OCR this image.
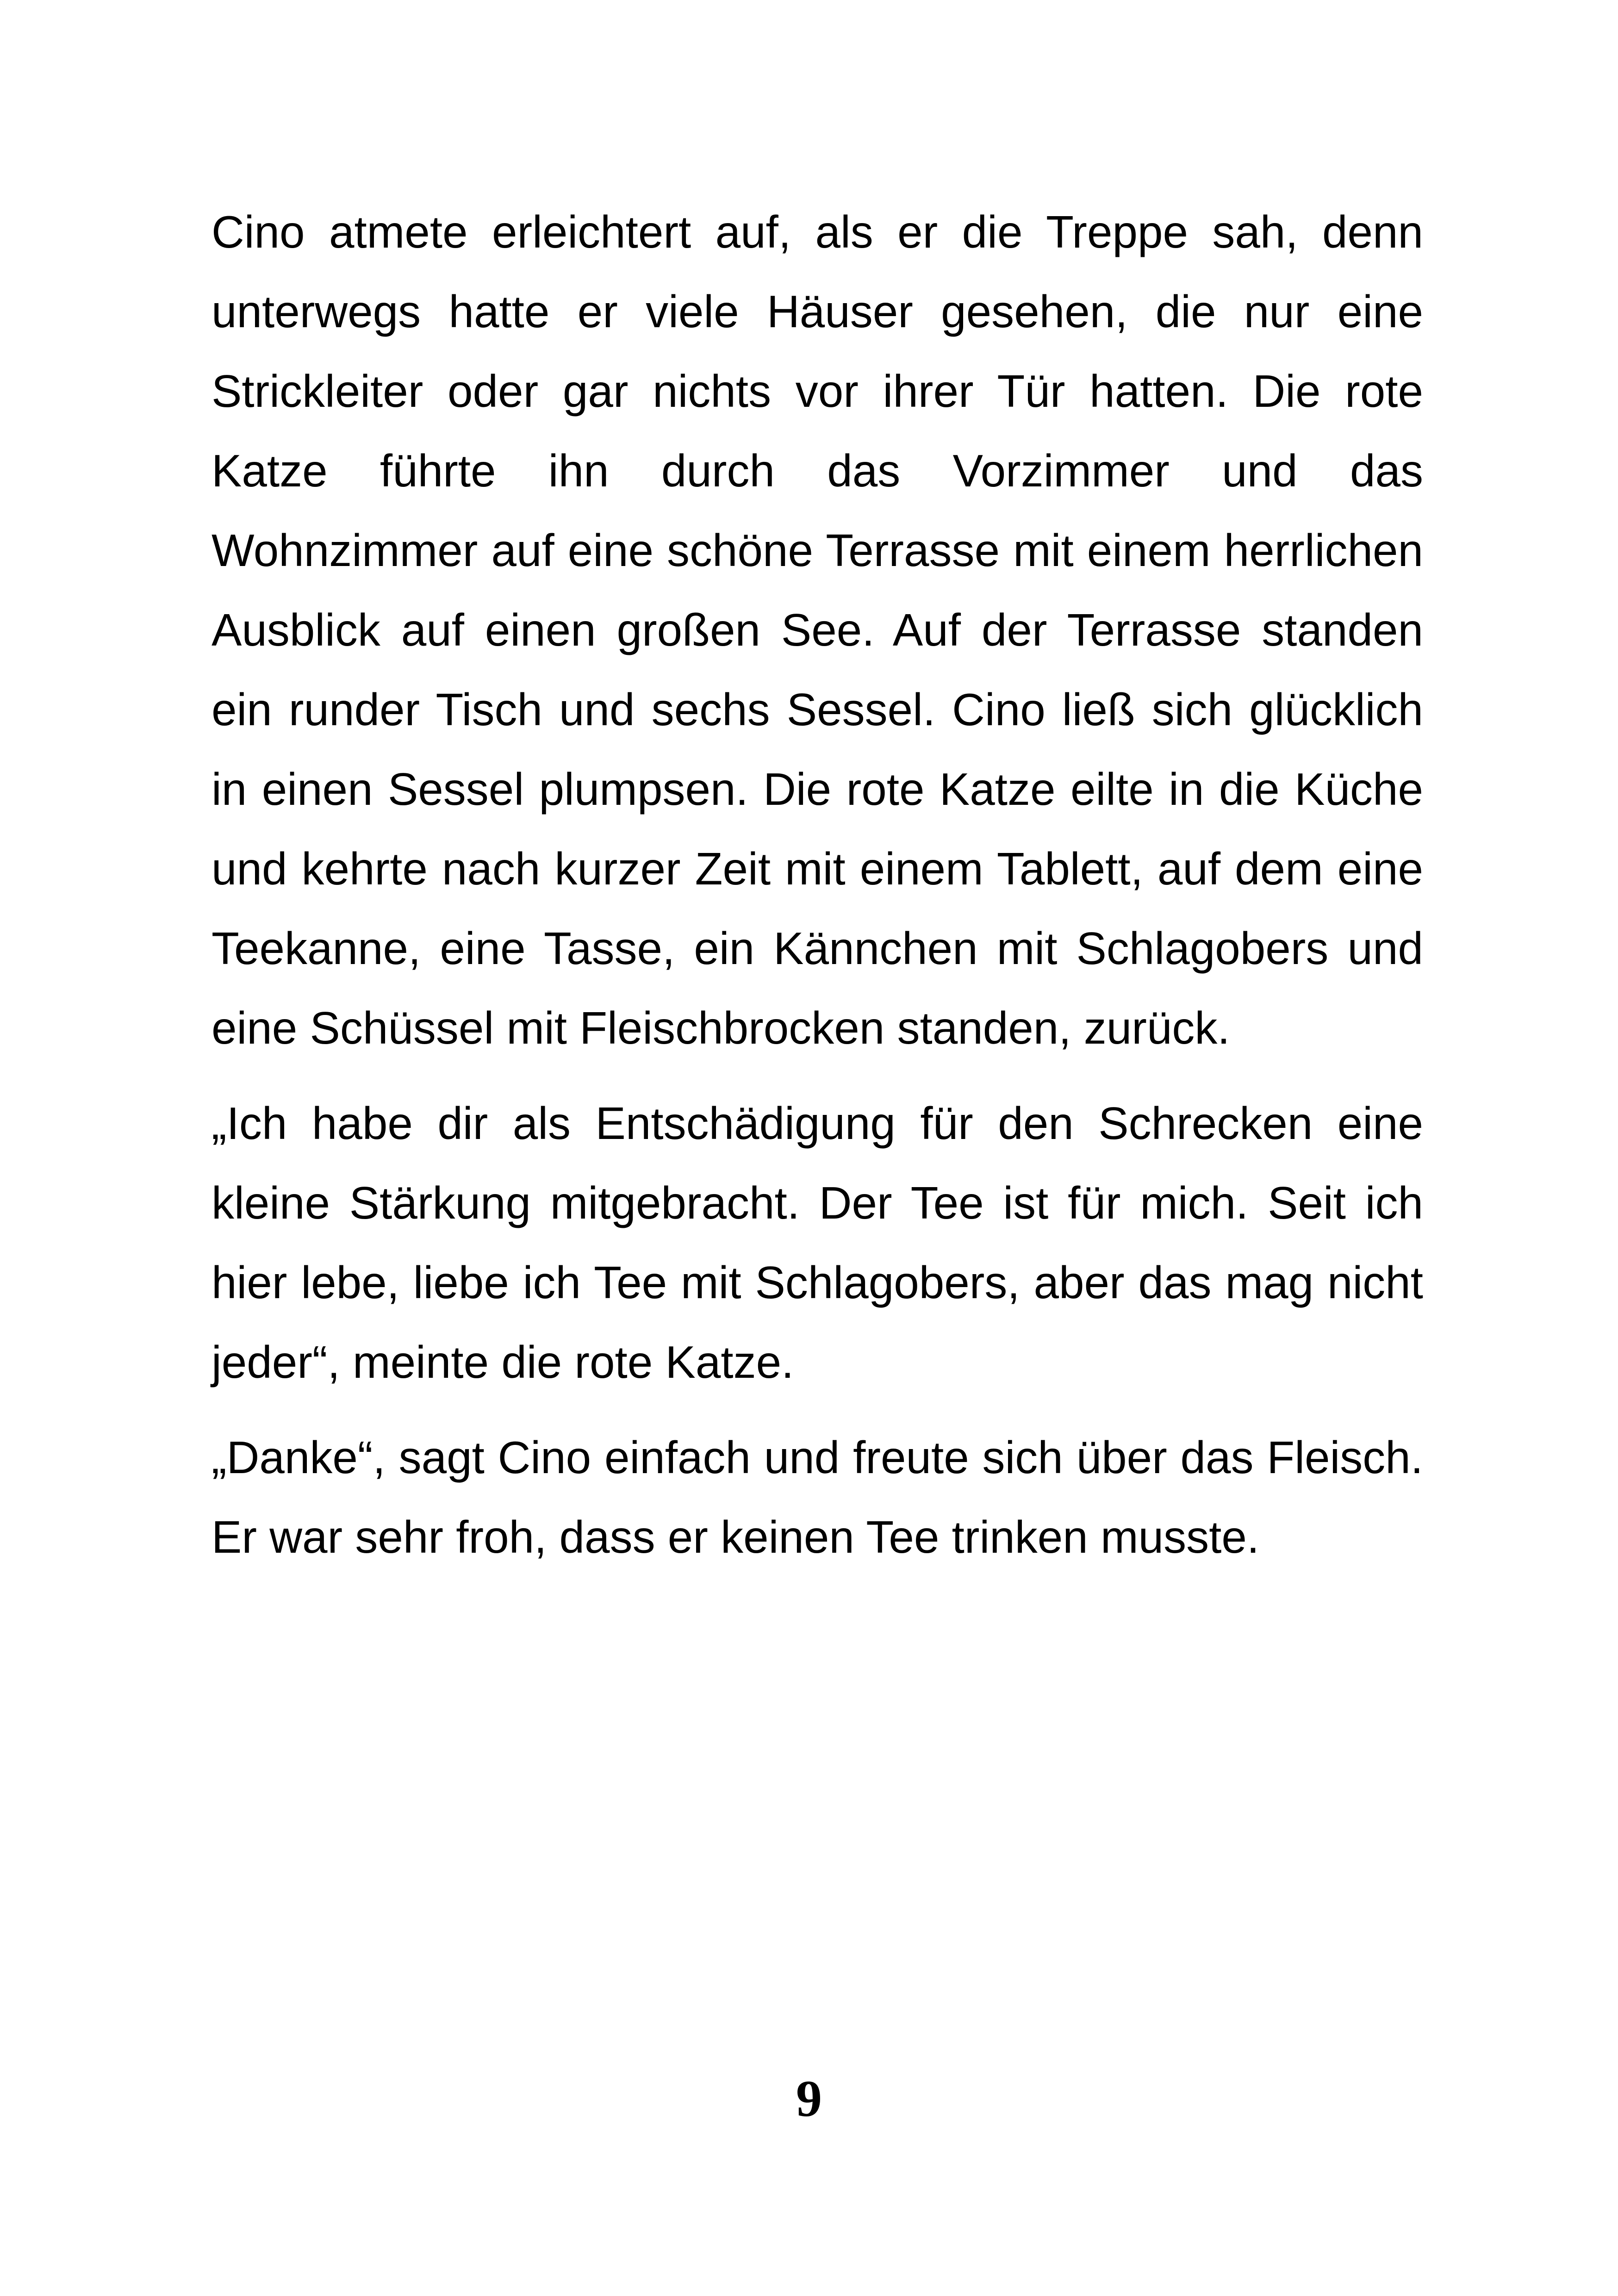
Cino atmete erleichtert auf, als er die Treppe sah, denn unterwegs hatte er viele Häuser gesehen, die nur eine Strickleiter oder gar nichts vor ihrer Tür hatten. Die rote Katze führte ihn durch das Vorzimmer und das Wohnzimmer auf eine schöne Terrasse mit einem herrlichen Ausblick auf einen großen See. Auf der Terrasse standen ein runder Tisch und sechs Sessel. Cino ließ sich glücklich in einen Sessel plumpsen. Die rote Katze eilte in die Küche und kehrte nach kurzer Zeit mit einem Tablett, auf dem eine Teekanne, eine Tasse, ein Kännchen mit Schlagobers und eine Schüssel mit Fleischbrocken standen, zurück.

„Ich habe dir als Entschädigung für den Schrecken eine kleine Stärkung mitgebracht. Der Tee ist für mich. Seit ich hier lebe, liebe ich Tee mit Schlagobers, aber das mag nicht jeder“, meinte die rote Katze.

„Danke“, sagt Cino einfach und freute sich über das Fleisch. Er war sehr froh, dass er keinen Tee trinken musste.

9
